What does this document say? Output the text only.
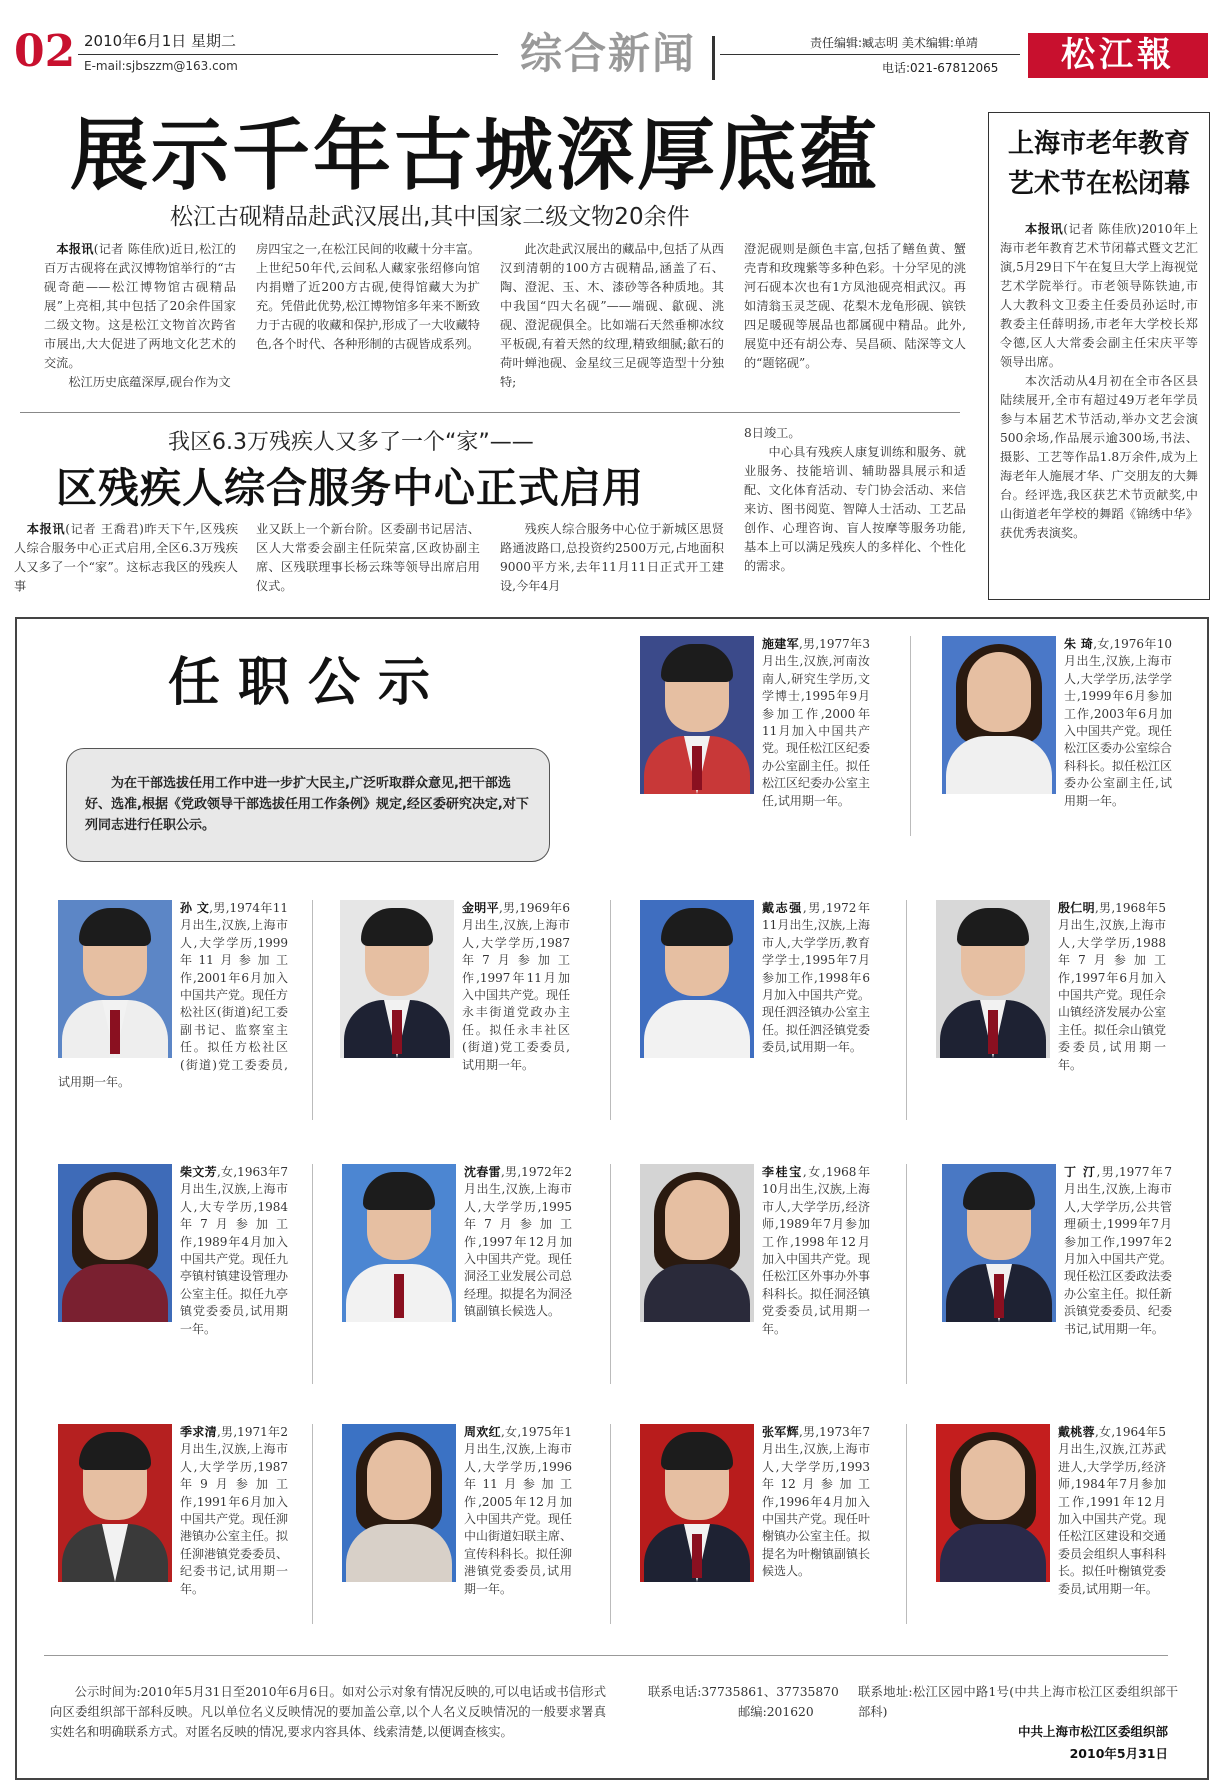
02 2010年6月1日 星期二
E-mail:sjbszzm@163.com	综合新闻	责任编辑:臧志明 美术编辑:单靖
电话:021-67812065	松江報
展示千年古城深厚底蕴
松江古砚精品赴武汉展出,其中国家二级文物20余件
 本报讯(记者 陈佳欣)近日,松江的百万古砚将在武汉博物馆举行的“古砚奇葩——松江博物馆古砚精品展”上亮相,其中包括了20余件国家二级文物。这是松江文物首次跨省市展出,大大促进了两地文化艺术的交流。
  松江历史底蕴深厚,砚台作为文
房四宝之一,在松江民间的收藏十分丰富。上世纪50年代,云间私人藏家张绍修向馆内捐赠了近200方古砚,使得馆藏大为扩充。凭借此优势,松江博物馆多年来不断致力于古砚的收藏和保护,形成了一大收藏特色,各个时代、各种形制的古砚皆成系列。
  此次赴武汉展出的藏品中,包括了从西汉到清朝的100方古砚精品,涵盖了石、陶、澄泥、玉、木、漆砂等各种质地。其中我国“四大名砚”——端砚、歙砚、洮砚、澄泥砚俱全。比如端石天然垂柳冰纹平板砚,有着天然的纹理,精致细腻;歙石的荷叶蝉池砚、金星纹三足砚等造型十分独特;
澄泥砚则是颜色丰富,包括了鳝鱼黄、蟹壳青和玫瑰紫等多种色彩。十分罕见的洮河石砚本次也有1方凤池砚亮相武汉。再如清翁玉灵芝砚、花梨木龙龟形砚、镔铁四足暖砚等展品也都属砚中精品。此外,展览中还有胡公寿、吴昌硕、陆深等文人的“题铭砚”。
我区6.3万残疾人又多了一个“家”——
区残疾人综合服务中心正式启用
 本报讯(记者 王喬君)昨天下午,区残疾人综合服务中心正式启用,全区6.3万残疾人又多了一个“家”。这标志我区的残疾人事
业又跃上一个新台阶。区委副书记居洁、区人大常委会副主任阮荣富,区政协副主席、区残联理事长杨云珠等领导出席启用仪式。
  残疾人综合服务中心位于新城区思贤路通波路口,总投资约2500万元,占地面积9000平方米,去年11月11日正式开工建设,今年4月
8日竣工。
  中心具有残疾人康复训练和服务、就业服务、技能培训、辅助器具展示和适配、文化体育活动、专门协会活动、来信来访、图书阅览、智障人士活动、工艺品创作、心理咨询、盲人按摩等服务功能,基本上可以满足残疾人的多样化、个性化的需求。
上海市老年教育
艺术节在松闭幕
  本报讯(记者 陈佳欣)2010年上海市老年教育艺术节闭幕式暨文艺汇演,5月29日下午在复旦大学上海视觉艺术学院举行。市老领导陈铁迪,市人大教科文卫委主任委员孙运时,市教委主任薛明扬,市老年大学校长郑令德,区人大常委会副主任宋庆平等领导出席。
  本次活动从4月初在全市各区县陆续展开,全市有超过49万老年学员参与本届艺术节活动,举办文艺会演500余场,作品展示逾300场,书法、摄影、工艺等作品1.8万余件,成为上海老年人施展才华、广交朋友的大舞台。经评选,我区获艺术节贡献奖,中山街道老年学校的舞蹈《锦绣中华》获优秀表演奖。
任职公示
为在干部选拔任用工作中进一步扩大民主,广泛听取群众意见,把干部选好、选准,根据《党政领导干部选拔任用工作条例》规定,经区委研究决定,对下列同志进行任职公示。
施建军,男,1977年3月出生,汉族,河南汝南人,研究生学历,文学博士,1995年9月参加工作,2000年11月加入中国共产党。现任松江区纪委办公室副主任。拟任松江区纪委办公室主任,试用期一年。
朱 琦,女,1976年10月出生,汉族,上海市人,大学学历,法学学士,1999年6月参加工作,2003年6月加入中国共产党。现任松江区委办公室综合科科长。拟任松江区委办公室副主任,试用期一年。
孙 文,男,1974年11月出生,汉族,上海市人,大学学历,1999年11月参加工作,2001年6月加入中国共产党。现任方松社区(街道)纪工委副书记、监察室主任。拟任方松社区(街道)党工委委员,试用期一年。
金明平,男,1969年6月出生,汉族,上海市人,大学学历,1987年7月参加工作,1997年11月加入中国共产党。现任永丰街道党政办主任。拟任永丰社区(街道)党工委委员,试用期一年。
戴志强,男,1972年11月出生,汉族,上海市人,大学学历,教育学学士,1995年7月参加工作,1998年6月加入中国共产党。现任泗泾镇办公室主任。拟任泗泾镇党委委员,试用期一年。
殷仁明,男,1968年5月出生,汉族,上海市人,大学学历,1988年7月参加工作,1997年6月加入中国共产党。现任佘山镇经济发展办公室主任。拟任佘山镇党委委员,试用期一年。
柴文芳,女,1963年7月出生,汉族,上海市人,大专学历,1984年7月参加工作,1989年4月加入中国共产党。现任九亭镇村镇建设管理办公室主任。拟任九亭镇党委委员,试用期一年。
沈春雷,男,1972年2月出生,汉族,上海市人,大学学历,1995年7月参加工作,1997年12月加入中国共产党。现任洞泾工业发展公司总经理。拟提名为洞泾镇副镇长候选人。
李桂宝,女,1968年10月出生,汉族,上海市人,大学学历,经济师,1989年7月参加工作,1998年12月加入中国共产党。现任松江区外事办外事科科长。拟任洞泾镇党委委员,试用期一年。
丁 汀,男,1977年7月出生,汉族,上海市人,大学学历,公共管理硕士,1999年7月参加工作,1997年2月加入中国共产党。现任松江区委政法委办公室主任。拟任新浜镇党委委员、纪委书记,试用期一年。
季求清,男,1971年2月出生,汉族,上海市人,大学学历,1987年9月参加工作,1991年6月加入中国共产党。现任泖港镇办公室主任。拟任泖港镇党委委员、纪委书记,试用期一年。
周欢红,女,1975年1月出生,汉族,上海市人,大学学历,1996年11月参加工作,2005年12月加入中国共产党。现任中山街道妇联主席、宣传科科长。拟任泖港镇党委委员,试用期一年。
张军辉,男,1973年7月出生,汉族,上海市人,大学学历,1993年12月参加工作,1996年4月加入中国共产党。现任叶榭镇办公室主任。拟提名为叶榭镇副镇长候选人。
戴桃蓉,女,1964年5月出生,汉族,江苏武进人,大学学历,经济师,1984年7月参加工作,1991年12月加入中国共产党。现任松江区建设和交通委员会组织人事科科长。拟任叶榭镇党委委员,试用期一年。
公示时间为:2010年5月31日至2010年6月6日。如对公示对象有情况反映的,可以电话或书信形式向区委组织部干部科反映。凡以单位名义反映情况的要加盖公章,以个人名义反映情况的一般要求署真实姓名和明确联系方式。对匿名反映的情况,要求内容具体、线索清楚,以便调查核实。
联系电话:37735861、37735870	联系地址:松江区园中路1号(中共上海市松江区委组织部干部科)
邮编:201620
中共上海市松江区委组织部
2010年5月31日
